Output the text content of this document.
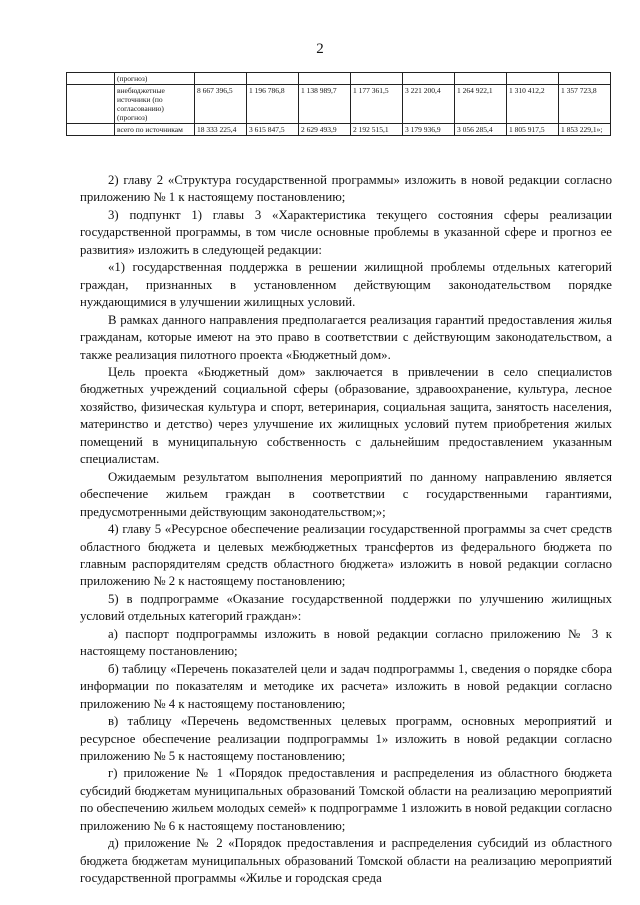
2
	(прогноз)								
	внебюджетные источники (по согласованию) (прогноз)	8 667 396,5	1 196 786,8	1 138 989,7	1 177 361,5	3 221 200,4	1 264 922,1	1 310 412,2	1 357 723,8
	всего по источникам	18 333 225,4	3 615 847,5	2 629 493,9	2 192 515,1	3 179 936,9	3 056 285,4	1 805 917,5	1 853 229,1»;

2) главу 2 «Структура государственной программы» изложить в новой редакции согласно приложению № 1 к настоящему постановлению;

3) подпункт 1) главы 3 «Характеристика текущего состояния сферы реализации государственной программы, в том числе основные проблемы в указанной сфере и прогноз ее развития» изложить в следующей редакции:

«1) государственная поддержка в решении жилищной проблемы отдельных категорий граждан, признанных в установленном действующим законодательством порядке нуждающимися в улучшении жилищных условий.

В рамках данного направления предполагается реализация гарантий предоставления жилья гражданам, которые имеют на это право в соответствии с действующим законодательством, а также реализация пилотного проекта «Бюджетный дом».

Цель проекта «Бюджетный дом» заключается в привлечении в село специалистов бюджетных учреждений социальной сферы (образование, здравоохранение, культура, лесное хозяйство, физическая культура и спорт, ветеринария, социальная защита, занятость населения, материнство и детство) через улучшение их жилищных условий путем приобретения жилых помещений в муниципальную собственность с дальнейшим предоставлением указанным специалистам.

Ожидаемым результатом выполнения мероприятий по данному направлению является обеспечение жильем граждан в соответствии с государственными гарантиями, предусмотренными действующим законодательством;»;

4) главу 5 «Ресурсное обеспечение реализации государственной программы за счет средств областного бюджета и целевых межбюджетных трансфертов из федерального бюджета по главным распорядителям средств областного бюджета» изложить в новой редакции согласно приложению № 2 к настоящему постановлению;

5) в подпрограмме «Оказание государственной поддержки по улучшению жилищных условий отдельных категорий граждан»:

а) паспорт подпрограммы изложить в новой редакции согласно приложению № 3 к настоящему постановлению;

б) таблицу «Перечень показателей цели и задач подпрограммы 1, сведения о порядке сбора информации по показателям и методике их расчета» изложить в новой редакции согласно приложению № 4 к настоящему постановлению;

в) таблицу «Перечень ведомственных целевых программ, основных мероприятий и ресурсное обеспечение реализации подпрограммы 1» изложить в новой редакции согласно приложению № 5 к настоящему постановлению;

г) приложение № 1 «Порядок предоставления и распределения из областного бюджета субсидий бюджетам муниципальных образований Томской области на реализацию мероприятий по обеспечению жильем молодых семей» к подпрограмме 1 изложить в новой редакции согласно приложению № 6 к настоящему постановлению;

д) приложение № 2 «Порядок предоставления и распределения субсидий из областного бюджета бюджетам муниципальных образований Томской области на реализацию мероприятий государственной программы «Жилье и городская среда
